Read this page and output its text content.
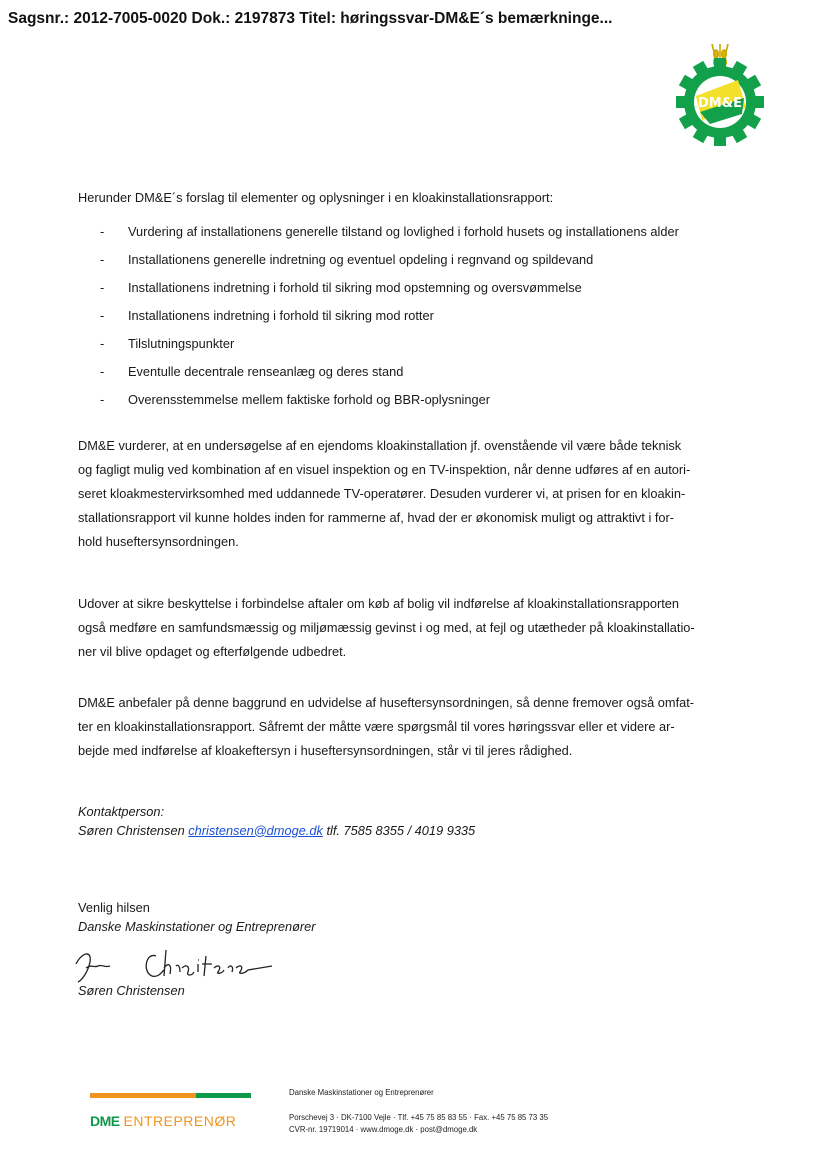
Sagsnr.: 2012-7005-0020 Dok.: 2197873 Titel: høringssvar-DM&E´s bemærkninge...
DM&E
Herunder DM&E´s forslag til elementer og oplysninger i en kloakinstallationsrapport:
- Vurdering af installationens generelle tilstand og lovlighed i forhold husets og installationens alder
- Installationens generelle indretning og eventuel opdeling i regnvand og spildevand
- Installationens indretning i forhold til sikring mod opstemning og oversvømmelse
- Installationens indretning i forhold til sikring mod rotter
- Tilslutningspunkter
- Eventulle decentrale renseanlæg og deres stand
- Overensstemmelse mellem faktiske forhold og BBR-oplysninger
DM&E vurderer, at en undersøgelse af en ejendoms kloakinstallation jf. ovenstående vil være både teknisk
og fagligt mulig ved kombination af en visuel inspektion og en TV-inspektion, når denne udføres af en autori-
seret kloakmestervirksomhed med uddannede TV-operatører. Desuden vurderer vi, at prisen for en kloakin-
stallationsrapport vil kunne holdes inden for rammerne af, hvad der er økonomisk muligt og attraktivt i for-
hold huseftersynsordningen.
Udover at sikre beskyttelse i forbindelse aftaler om køb af bolig vil indførelse af kloakinstallationsrapporten
også medføre en samfundsmæssig og miljømæssig gevinst i og med, at fejl og utætheder på kloakinstallatio-
ner vil blive opdaget og efterfølgende udbedret.
DM&E anbefaler på denne baggrund en udvidelse af huseftersynsordningen, så denne fremover også omfat-
ter en kloakinstallationsrapport. Såfremt der måtte være spørgsmål til vores høringssvar eller et videre ar-
bejde med indførelse af kloakeftersyn i huseftersynsordningen, står vi til jeres rådighed.
Kontaktperson:
Søren Christensen christensen@dmoge.dk tlf. 7585 8355 / 4019 9335
Venlig hilsen
Danske Maskinstationer og Entreprenører
Søren Christensen
DME ENTREPRENØR
Danske Maskinstationer og Entreprenører
Porschevej 3 · DK-7100 Vejle · Tlf. +45 75 85 83 55 · Fax. +45 75 85 73 35
CVR-nr. 19719014 · www.dmoge.dk · post@dmoge.dk
